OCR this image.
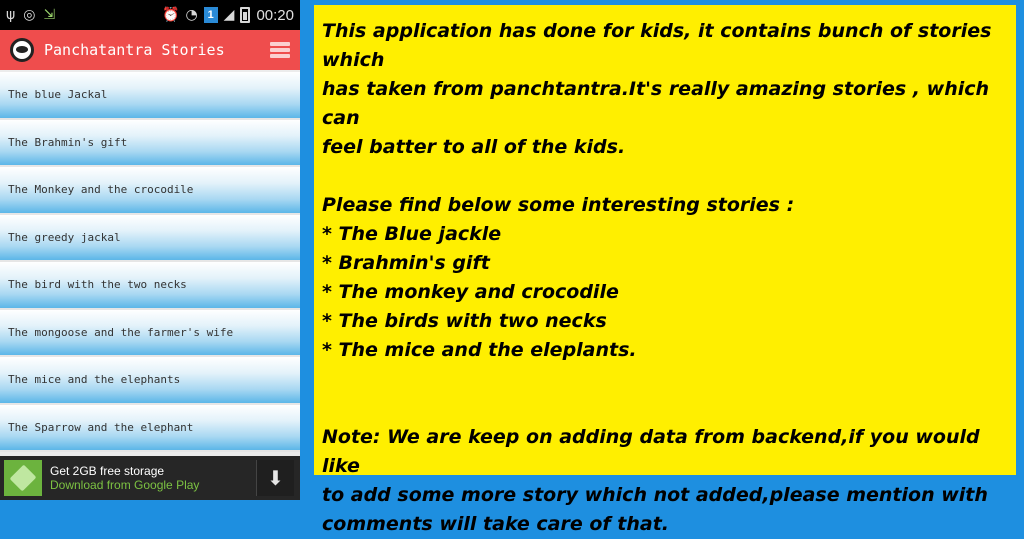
ψ ◎ ⇲	⏰ ◔ 1 ◢ 00:20
Panchatantra Stories
The blue Jackal
The Brahmin's gift
The Monkey and the crocodile
The greedy jackal
The bird with the two necks
The mongoose and the farmer's wife
The mice and the elephants
The Sparrow and the elephant
Get 2GB free storage
Download from Google Play	⬇

This application has done for kids, it contains bunch of stories which

has taken from panchtantra.It's really amazing stories , which can

feel batter to all of the kids.

Please find below some interesting stories :

* The Blue jackle

* Brahmin's gift

* The monkey and crocodile

* The birds with two necks

* The mice and the eleplants.

Note: We are keep on adding data from backend,if you would like

to add some more story which not added,please mention with

comments will take care of that.
